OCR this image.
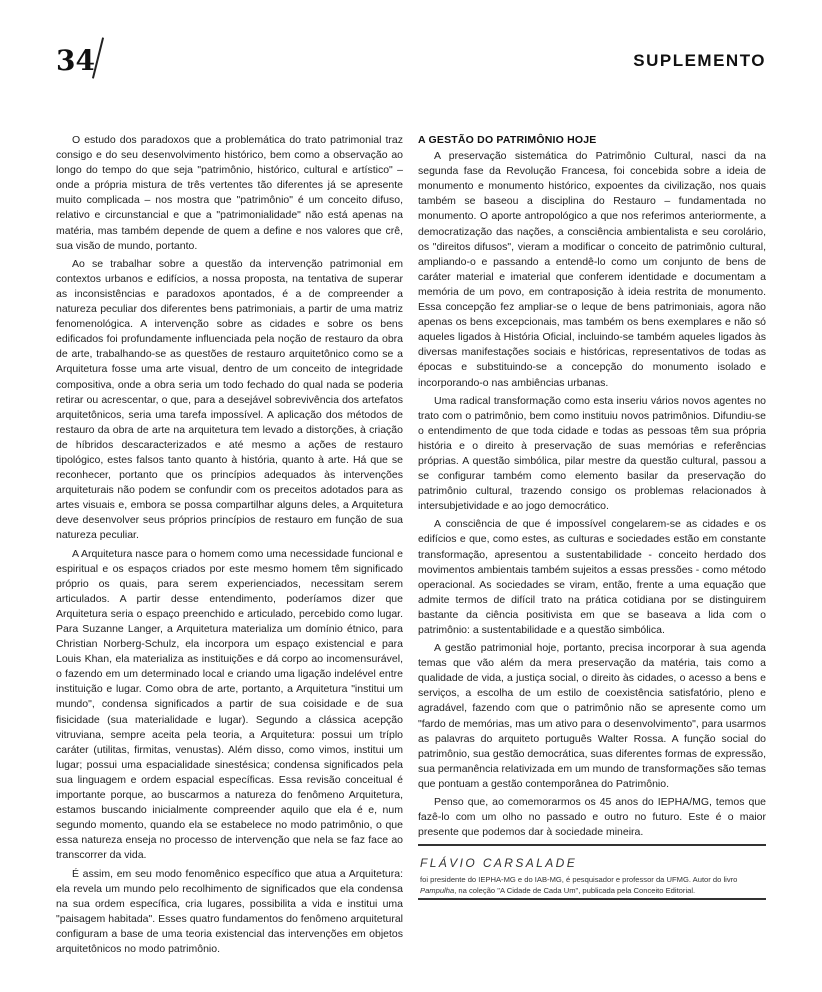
34	SUPLEMENTO

O estudo dos paradoxos que a problemática do trato patrimonial traz consigo e do seu desenvolvimento histórico, bem como a observação ao longo do tempo do que seja "patrimônio, histórico, cultural e artístico" – onde a própria mistura de três vertentes tão diferentes já se apresente muito complicada – nos mostra que "patrimônio" é um conceito difuso, relativo e circunstancial e que a "patrimonialidade" não está apenas na matéria, mas também depende de quem a define e nos valores que crê, sua visão de mundo, portanto.

Ao se trabalhar sobre a questão da intervenção patrimonial em contextos urbanos e edifícios, a nossa proposta, na tentativa de superar as inconsistências e paradoxos apontados, é a de compreender a natureza peculiar dos diferentes bens patrimoniais, a partir de uma matriz fenomenológica. A intervenção sobre as cidades e sobre os bens edificados foi profundamente influenciada pela noção de restauro da obra de arte, trabalhando-se as questões de restauro arquitetônico como se a Arquitetura fosse uma arte visual, dentro de um conceito de integridade compositiva, onde a obra seria um todo fechado do qual nada se poderia retirar ou acrescentar, o que, para a desejável sobrevivência dos artefatos arquitetônicos, seria uma tarefa impossível. A aplicação dos métodos de restauro da obra de arte na arquitetura tem levado a distorções, à criação de híbridos descaracterizados e até mesmo a ações de restauro tipológico, estes falsos tanto quanto à história, quanto à arte. Há que se reconhecer, portanto que os princípios adequados às intervenções arquiteturais não podem se confundir com os preceitos adotados para as artes visuais e, embora se possa compartilhar alguns deles, a Arquitetura deve desenvolver seus próprios princípios de restauro em função de sua natureza peculiar.

A Arquitetura nasce para o homem como uma necessidade funcional e espiritual e os espaços criados por este mesmo homem têm significado próprio os quais, para serem experienciados, necessitam serem articulados. A partir desse entendimento, poderíamos dizer que Arquitetura seria o espaço preenchido e articulado, percebido como lugar. Para Suzanne Langer, a Arquitetura materializa um domínio étnico, para Christian Norberg-Schulz, ela incorpora um espaço existencial e para Louis Khan, ela materializa as instituições e dá corpo ao incomensurável, o fazendo em um determinado local e criando uma ligação indelével entre instituição e lugar. Como obra de arte, portanto, a Arquitetura "institui um mundo", condensa significados a partir de sua coisidade e de sua fisicidade (sua materialidade e lugar). Segundo a clássica acepção vitruviana, sempre aceita pela teoria, a Arquitetura: possui um tríplo caráter (utilitas, firmitas, venustas). Além disso, como vimos, institui um lugar; possui uma espacialidade sinestésica; condensa significados pela sua linguagem e ordem espacial específicas. Essa revisão conceitual é importante porque, ao buscarmos a natureza do fenômeno Arquitetura, estamos buscando inicialmente compreender aquilo que ela é e, num segundo momento, quando ela se estabelece no modo patrimônio, o que essa natureza enseja no processo de intervenção que nela se faz face ao transcorrer da vida.

É assim, em seu modo fenomênico específico que atua a Arquitetura: ela revela um mundo pelo recolhimento de significados que ela condensa na sua ordem específica, cria lugares, possibilita a vida e institui uma "paisagem habitada". Esses quatro fundamentos do fenômeno arquitetural configuram a base de uma teoria existencial das intervenções em objetos arquitetônicos no modo patrimônio.

A GESTÃO DO PATRIMÔNIO HOJE

A preservação sistemática do Patrimônio Cultural, nasci da na segunda fase da Revolução Francesa, foi concebida sobre a ideia de monumento e monumento histórico, expoentes da civilização, nos quais também se baseou a disciplina do Restauro – fundamentada no monumento. O aporte antropológico a que nos referimos anteriormente, a democratização das nações, a consciência ambientalista e seu corolário, os "direitos difusos", vieram a modificar o conceito de patrimônio cultural, ampliando-o e passando a entendê-lo como um conjunto de bens de caráter material e imaterial que conferem identidade e documentam a memória de um povo, em contraposição à ideia restrita de monumento. Essa concepção fez ampliar-se o leque de bens patrimoniais, agora não apenas os bens excepcionais, mas também os bens exemplares e não só aqueles ligados à História Oficial, incluindo-se também aqueles ligados às diversas manifestações sociais e históricas, representativos de todas as épocas e substituindo-se a concepção do monumento isolado e incorporando-o nas ambiências urbanas.

Uma radical transformação como esta inseriu vários novos agentes no trato com o patrimônio, bem como instituiu novos patrimônios. Difundiu-se o entendimento de que toda cidade e todas as pessoas têm sua própria história e o direito à preservação de suas memórias e referências próprias. A questão simbólica, pilar mestre da questão cultural, passou a se configurar também como elemento basilar da preservação do patrimônio cultural, trazendo consigo os problemas relacionados à intersubjetividade e ao jogo democrático.

A consciência de que é impossível congelarem-se as cidades e os edifícios e que, como estes, as culturas e sociedades estão em constante transformação, apresentou a sustentabilidade - conceito herdado dos movimentos ambientais também sujeitos a essas pressões - como método operacional. As sociedades se viram, então, frente a uma equação que admite termos de difícil trato na prática cotidiana por se distinguirem bastante da ciência positivista em que se baseava a lida com o patrimônio: a sustentabilidade e a questão simbólica.

A gestão patrimonial hoje, portanto, precisa incorporar à sua agenda temas que vão além da mera preservação da matéria, tais como a qualidade de vida, a justiça social, o direito às cidades, o acesso a bens e serviços, a escolha de um estilo de coexistência satisfatório, pleno e agradável, fazendo com que o patrimônio não se apresente como um "fardo de memórias, mas um ativo para o desenvolvimento", para usarmos as palavras do arquiteto português Walter Rossa. A função social do patrimônio, sua gestão democrática, suas diferentes formas de expressão, sua permanência relativizada em um mundo de transformações são temas que pontuam a gestão contemporânea do Patrimônio.

Penso que, ao comemorarmos os 45 anos do IEPHA/MG, temos que fazê-lo com um olho no passado e outro no futuro. Este é o maior presente que podemos dar à sociedade mineira.

FLÁVIO CARSALADE
foi presidente do IEPHA-MG e do IAB-MG, é pesquisador e professor da UFMG. Autor do livro Pampulha, na coleção "A Cidade de Cada Um", publicada pela Conceito Editorial.
